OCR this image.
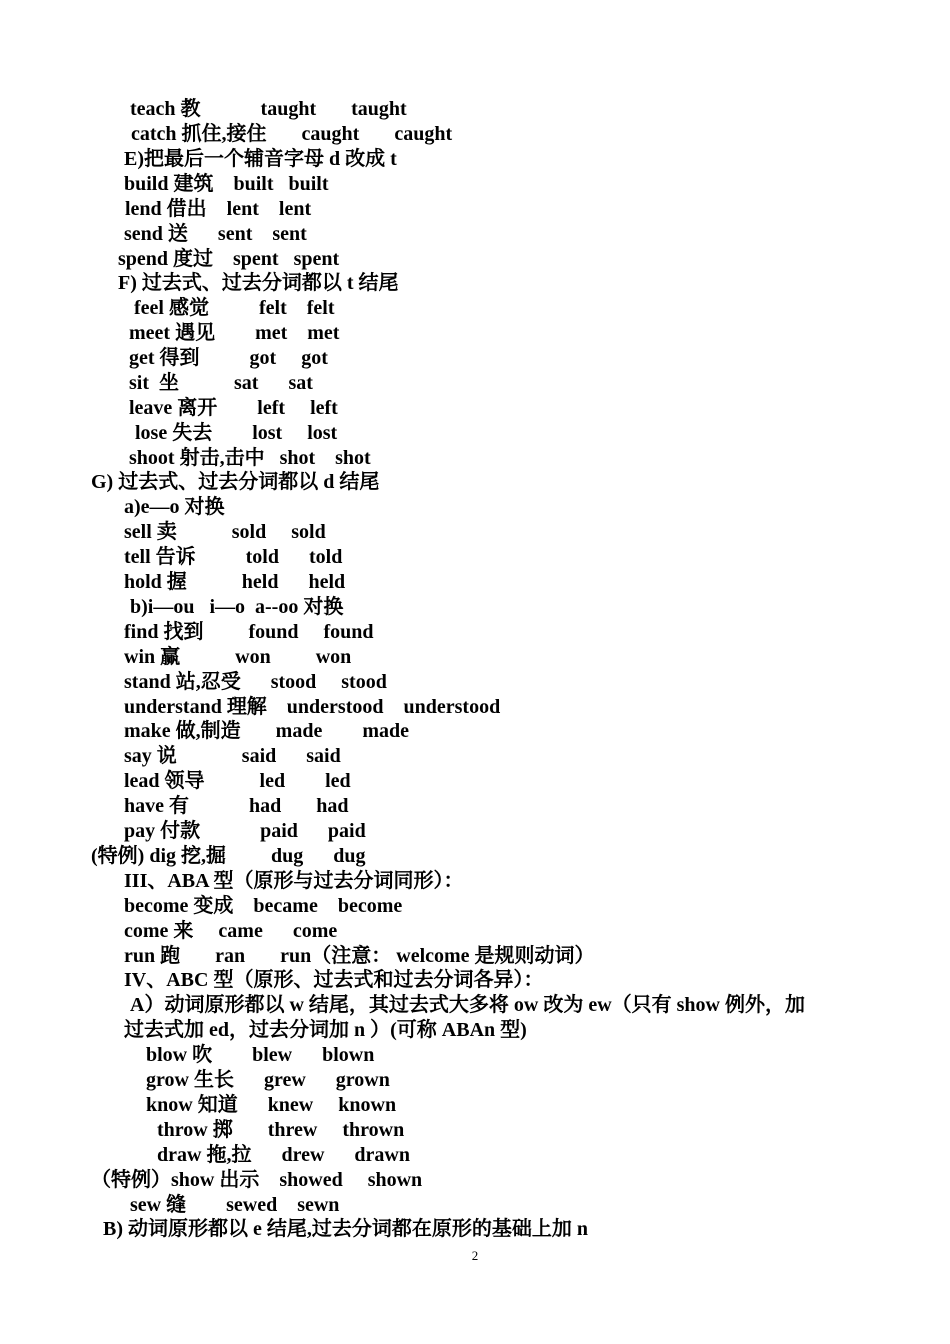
teach 教            taught       taught
catch 抓住,接住       caught       caught
E)把最后一个辅音字母 d 改成 t
build 建筑    built   built
lend 借出    lent    lent
send 送      sent    sent
spend 度过    spent   spent
F) 过去式、过去分词都以 t 结尾
feel 感觉          felt    felt
meet 遇见        met    met
get 得到          got     got
sit  坐           sat      sat
leave 离开        left     left
lose 失去        lost     lost
shoot 射击,击中   shot    shot
G) 过去式、过去分词都以 d 结尾
a)e—o 对换
sell 卖           sold     sold
tell 告诉          told      told
hold 握           held      held
b)i—ou   i—o  a--oo 对换
find 找到         found     found
win 赢           won         won
stand 站,忍受      stood     stood
understand 理解    understood    understood
make 做,制造       made        made
say 说             said      said
lead 领导           led        led
have 有            had       had
pay 付款            paid      paid
(特例) dig 挖,掘         dug      dug
III、ABA 型（原形与过去分词同形）：
become 变成    became    become
come 来     came      come
run 跑       ran       run（注意： welcome 是规则动词）
IV、ABC 型（原形、过去式和过去分词各异）：
A）动词原形都以 w 结尾，其过去式大多将 ow 改为 ew（只有 show 例外，加
过去式加 ed，过去分词加 n ）(可称 ABAn 型)
blow 吹        blew      blown
grow 生长      grew      grown
know 知道      knew     known
throw 掷       threw     thrown
draw 拖,拉      drew      drawn
（特例）show 出示    showed     shown
sew 缝        sewed    sewn
B) 动词原形都以 e 结尾,过去分词都在原形的基础上加 n
2
